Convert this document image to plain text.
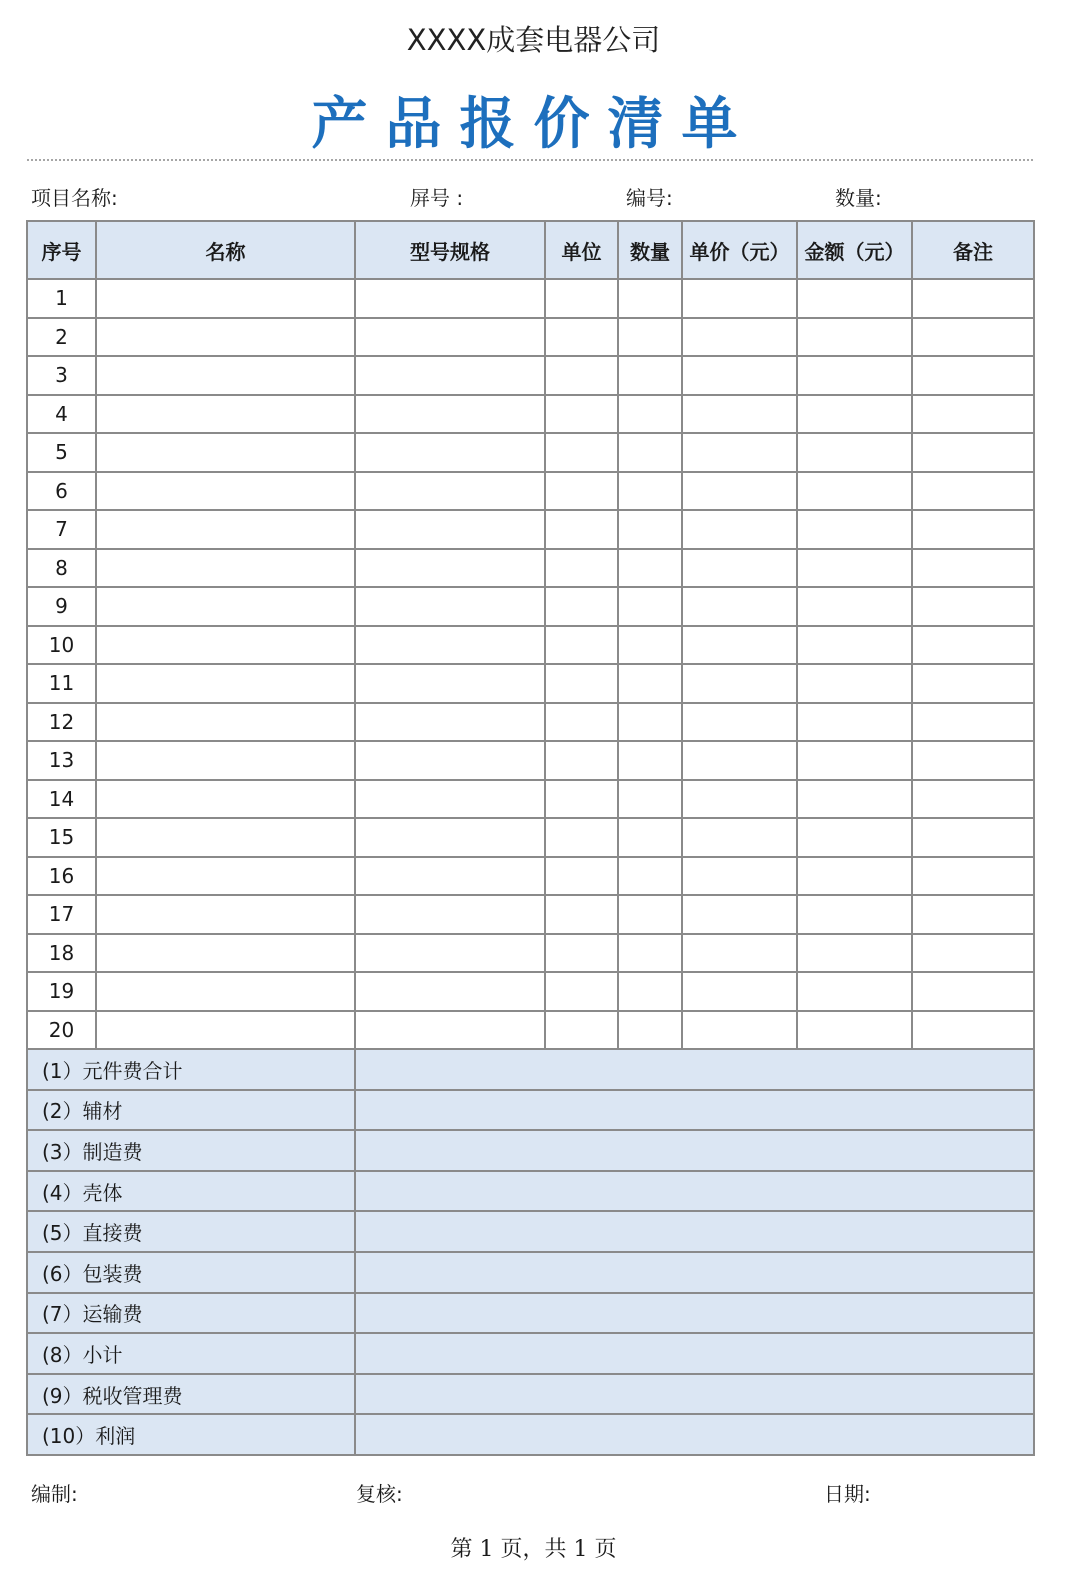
XXXX成套电器公司
产品报价清单
项目名称:	屏号 :	编号:	数量:
序号	名称	型号规格	单位	数量	单价（元）	金额（元）	备注
1							
2							
3							
4							
5							
6							
7							
8							
9							
10							
11							
12							
13							
14							
15							
16							
17							
18							
19							
20							
(1）元件费合计							
(2）辅材							
(3）制造费							
(4）壳体							
(5）直接费							
(6）包装费							
(7）运输费							
(8）小计							
(9）税收管理费							
(10）利润							
编制:	复核:	日期:
第 1 页，共 1 页
